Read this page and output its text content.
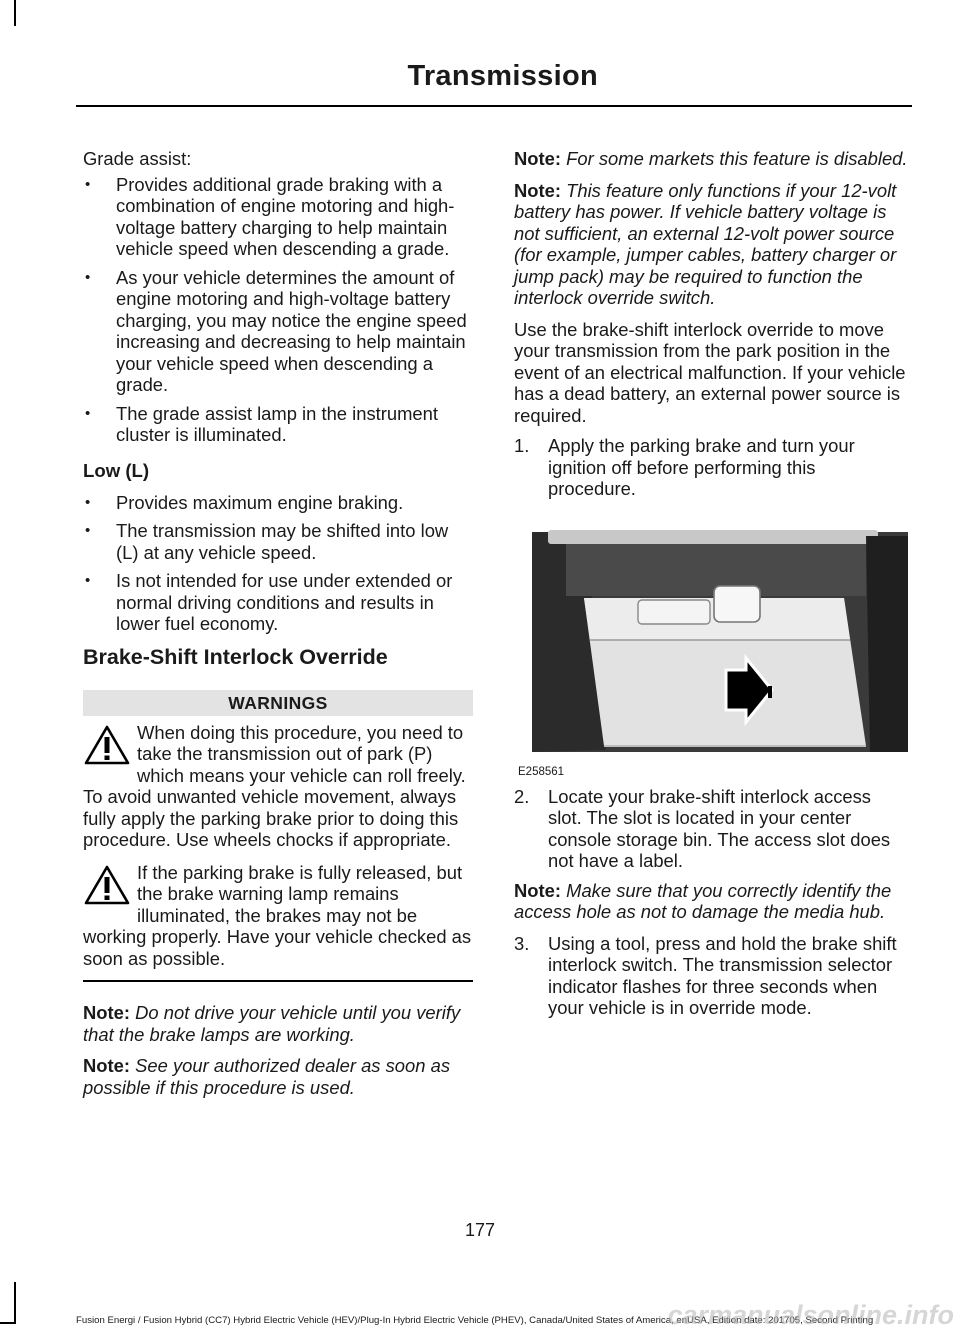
Transmission

Grade assist:

• Provides additional grade braking with a combination of engine motoring and high-voltage battery charging to help maintain vehicle speed when descending a grade.
• As your vehicle determines the amount of engine motoring and high-voltage battery charging, you may notice the engine speed increasing and decreasing to help maintain your vehicle speed when descending a grade.
• The grade assist lamp in the instrument cluster is illuminated.
Low (L)
• Provides maximum engine braking.
• The transmission may be shifted into low (L) at any vehicle speed.
• Is not intended for use under extended or normal driving conditions and results in lower fuel economy.
Brake-Shift Interlock Override
WARNINGS
When doing this procedure, you need to take the transmission out of park (P) which means your vehicle can roll freely. To avoid unwanted vehicle movement, always fully apply the parking brake prior to doing this procedure. Use wheels chocks if appropriate.
If the parking brake is fully released, but the brake warning lamp remains illuminated, the brakes may not be working properly. Have your vehicle checked as soon as possible.

Note: Do not drive your vehicle until you verify that the brake lamps are working.

Note: See your authorized dealer as soon as possible if this procedure is used.

Note: For some markets this feature is disabled.

Note: This feature only functions if your 12-volt battery has power. If vehicle battery voltage is not sufficient, an external 12-volt power source (for example, jumper cables, battery charger or jump pack) may be required to function the interlock override switch.

Use the brake-shift interlock override to move your transmission from the park position in the event of an electrical malfunction. If your vehicle has a dead battery, an external power source is required.

1. Apply the parking brake and turn your ignition off before performing this procedure.
E258561
2. Locate your brake-shift interlock access slot. The slot is located in your center console storage bin. The access slot does not have a label.

Note: Make sure that you correctly identify the access hole as not to damage the media hub.

3. Using a tool, press and hold the brake shift interlock switch. The transmission selector indicator flashes for three seconds when your vehicle is in override mode.
177
Fusion Energi / Fusion Hybrid (CC7) Hybrid Electric Vehicle (HEV)/Plug-In Hybrid Electric Vehicle (PHEV), Canada/United States of America, enUSA, Edition date: 201705, Second Printing
carmanualsonline.info
